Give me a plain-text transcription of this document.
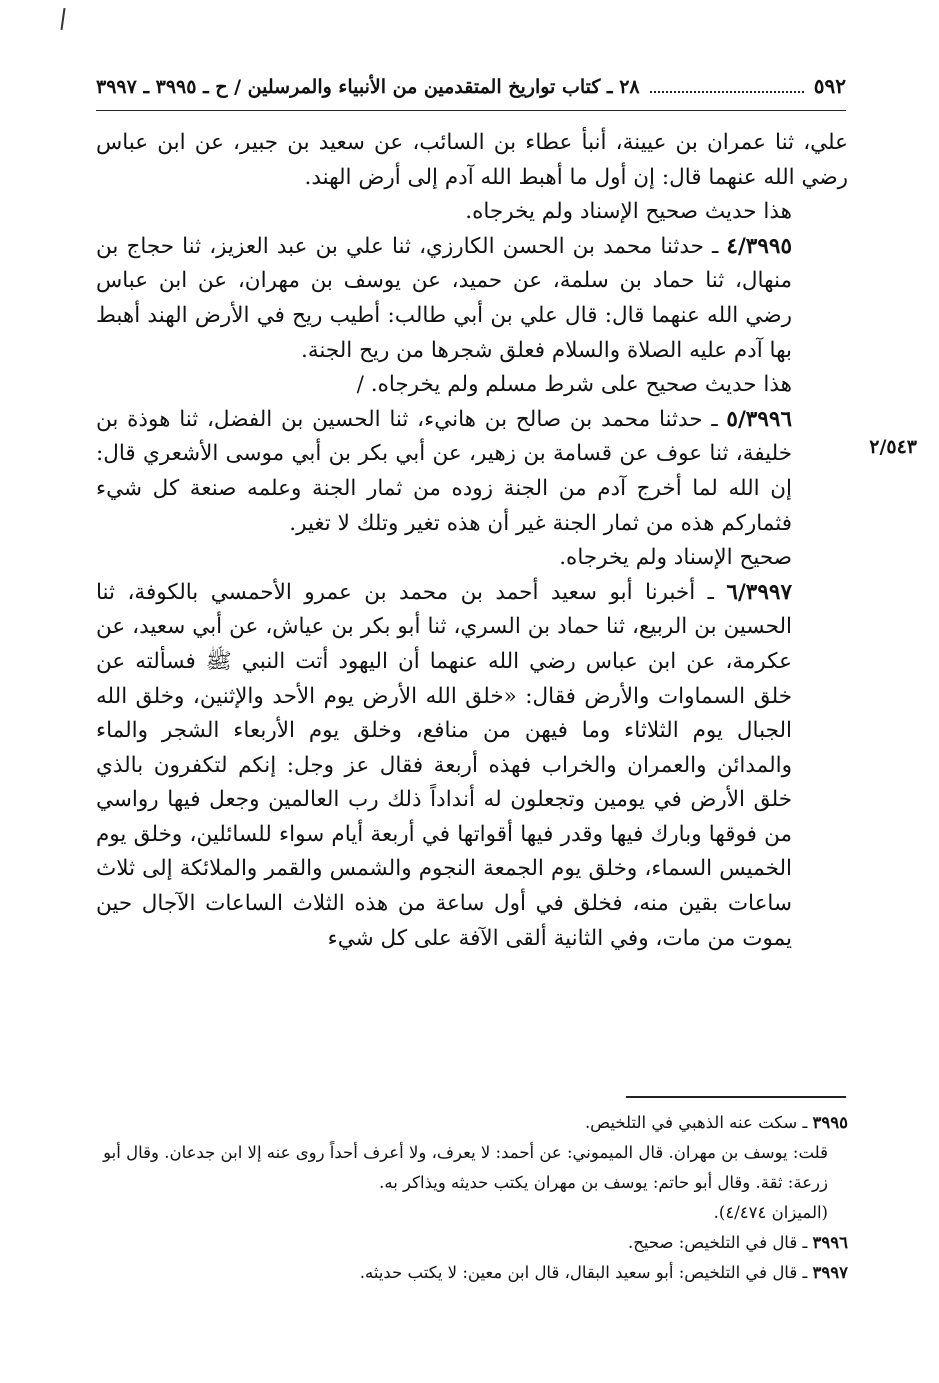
٥٩٢
٢٨ ـ كتاب تواريخ المتقدمين من الأنبياء والمرسلين / ح ـ ٣٩٩٥ ـ ٣٩٩٧
٢/٥٤٣

علي، ثنا عمران بن عيينة، أنبأ عطاء بن السائب، عن سعيد بن جبير، عن ابن عباس رضي الله عنهما قال: إن أول ما أهبط الله آدم إلى أرض الهند.

هذا حديث صحيح الإسناد ولم يخرجاه.

٤/٣٩٩٥ ـ حدثنا محمد بن الحسن الكارزي، ثنا علي بن عبد العزيز، ثنا حجاج بن منهال، ثنا حماد بن سلمة، عن حميد، عن يوسف بن مهران، عن ابن عباس رضي الله عنهما قال: قال علي بن أبي طالب: أطيب ريح في الأرض الهند أهبط بها آدم عليه الصلاة والسلام فعلق شجرها من ريح الجنة.

هذا حديث صحيح على شرط مسلم ولم يخرجاه. /

٥/٣٩٩٦ ـ حدثنا محمد بن صالح بن هانيء، ثنا الحسين بن الفضل، ثنا هوذة بن خليفة، ثنا عوف عن قسامة بن زهير، عن أبي بكر بن أبي موسى الأشعري قال: إن الله لما أخرج آدم من الجنة زوده من ثمار الجنة وعلمه صنعة كل شيء فثماركم هذه من ثمار الجنة غير أن هذه تغير وتلك لا تغير.

صحيح الإسناد ولم يخرجاه.

٦/٣٩٩٧ ـ أخبرنا أبو سعيد أحمد بن محمد بن عمرو الأحمسي بالكوفة، ثنا الحسين بن الربيع، ثنا حماد بن السري، ثنا أبو بكر بن عياش، عن أبي سعيد، عن عكرمة، عن ابن عباس رضي الله عنهما أن اليهود أتت النبي ﷺ فسألته عن خلق السماوات والأرض فقال: «خلق الله الأرض يوم الأحد والإثنين، وخلق الله الجبال يوم الثلاثاء وما فيهن من منافع، وخلق يوم الأربعاء الشجر والماء والمدائن والعمران والخراب فهذه أربعة فقال عز وجل: إنكم لتكفرون بالذي خلق الأرض في يومين وتجعلون له أنداداً ذلك رب العالمين وجعل فيها رواسي من فوقها وبارك فيها وقدر فيها أقواتها في أربعة أيام سواء للسائلين، وخلق يوم الخميس السماء، وخلق يوم الجمعة النجوم والشمس والقمر والملائكة إلى ثلاث ساعات بقين منه، فخلق في أول ساعة من هذه الثلاث الساعات الآجال حين يموت من مات، وفي الثانية ألقى الآفة على كل شيء

٣٩٩٥ ـ سكت عنه الذهبي في التلخيص.

قلت: يوسف بن مهران. قال الميموني: عن أحمد: لا يعرف، ولا أعرف أحداً روى عنه إلا ابن جدعان. وقال أبو زرعة: ثقة. وقال أبو حاتم: يوسف بن مهران يكتب حديثه ويذاكر به.

(الميزان ٤/٤٧٤).

٣٩٩٦ ـ قال في التلخيص: صحيح.

٣٩٩٧ ـ قال في التلخيص: أبو سعيد البقال، قال ابن معين: لا يكتب حديثه.
